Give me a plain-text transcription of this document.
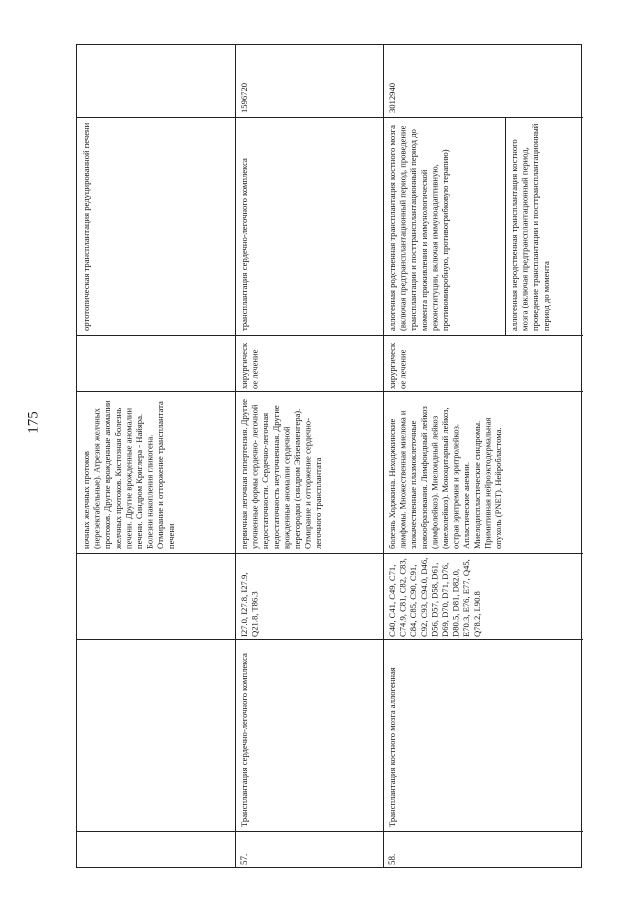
175
ночных желчных протоков (нерезектабельные). Атрезия желчных протоков. Другие врожденные аномалии желчных протоков. Кистозная болезнь печени. Другие врожденные аномалии печени. Синдром Криглера - Найяра. Болезни накопления гликогена. Отмирание и отторжение трансплантата печени
ортотопическая трансплантация редуцированной печени
57.
Трансплантация сердечно-легочного комплекса
I27.0, I27.8, I27.9, Q21.8, T86.3
первичная легочная гипертензия. Другие уточненные формы сердечно- легочной недостаточности. Сердечно-легочная недостаточность неуточненная. Другие врожденные аномалии сердечной перегородки (синдром Эйзенменгера). Отмирание и отторжение сердечно-легочного трансплантата
хирургическое лечение
трансплантация сердечно-легочного комплекса
1596720
58.
Трансплантация костного мозга аллогенная
C40, C41, C49, C71, C74.9, C81, C82, C83, C84, C85, C90, C91, C92, C93, C94.0, D46, D56, D57, D58, D61, D69, D70, D71, D76, D80.5, D81, D82.0, E70.3, E76, E77, Q45, Q78.2, L90.8
болезнь Ходжкина. Неходжкинские лимфомы. Множественная миелома и злокачественные плазмоклеточные новообразования. Лимфоидный лейкоз (лимфолейкоз). Миелоидный лейкоз (миелолейкоз). Моноцитарный лейкоз, острая эритремия и эритролейкоз. Апластические анемии. Миелодиспластические синдромы. Примитивная нейроэктодермальная опухоль (PNET). Нейробластома.
хирургическое лечение
аллогенная родственная трансплантация костного мозга (включая предтрансплантационный период, проведение трансплантации и посттрансплантационный период до момента приживления и иммунологической реконституции, включая иммуноадаптивную, противомикробную, противогрибковую терапию)	аллогенная неродственная трансплантация костного мозга (включая предтрансплантационный период, проведение трансплантации и посттрансплантационный период до момента
3012940
